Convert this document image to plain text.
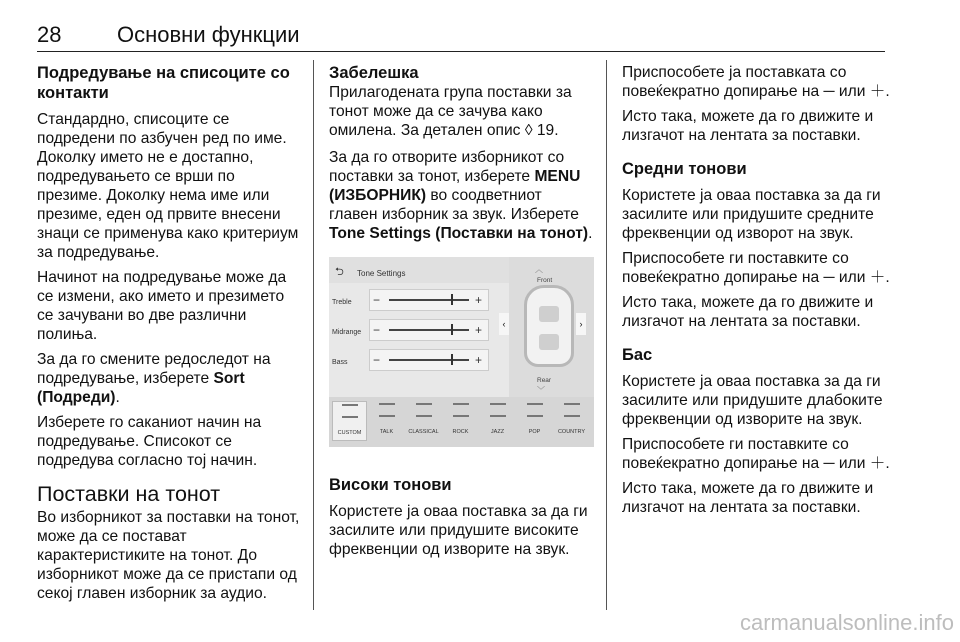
28	Основни функции
Подредување на списоците со контакти

Стандардно, списоците се подредени по азбучен ред по име. Доколку името не е достапно, подредувањето се врши по презиме. Доколку нема име или презиме, еден од првите внесени знаци се применува како критериум за подредување.

Начинот на подредување може да се измени, ако името и презимето се зачувани во две различни полиња.

За да го смените редоследот на подредување, изберете Sort (Подреди).

Изберете го саканиот начин на подредување. Списокот се подредува согласно тој начин.

Поставки на тонот

Во изборникот за поставки на тонот, може да се постават карактеристиките на тонот. До изборникот може да се пристапи од секој главен изборник за аудио.

Забелешка

Прилагодената група поставки за тонот може да се зачува како омилена. За детален опис ◊ 19.

За да го отворите изборникот со поставки за тонот, изберете MENU (ИЗБОРНИК) во соодветниот главен изборник за звук. Изберете Tone Settings (Поставки на тонот).

⮌ Tone Settings
Treble −	+
Midrange −	+
Bass −	+
︿
Front
‹	›
Rear
﹀
CUSTOM	TALK	CLASSICAL	ROCK	JAZZ	POP	COUNTRY
Високи тонови

Користете ја оваа поставка за да ги засилите или придушите високите фреквенции од изворите на звук.

Приспособете ја поставката со повеќекратно допирање на ─ или ＋.

Исто така, можете да го движите и лизгачот на лентата за поставки.

Средни тонови

Користете ја оваа поставка за да ги засилите или придушите средните фреквенции од изворот на звук.

Приспособете ги поставките со повеќекратно допирање на ─ или ＋.

Исто така, можете да го движите и лизгачот на лентата за поставки.

Бас

Користете ја оваа поставка за да ги засилите или придушите длабоките фреквенции од изворите на звук.

Приспособете ги поставките со повеќекратно допирање на ─ или ＋.

Исто така, можете да го движите и лизгачот на лентата за поставки.

carmanualsonline.info
